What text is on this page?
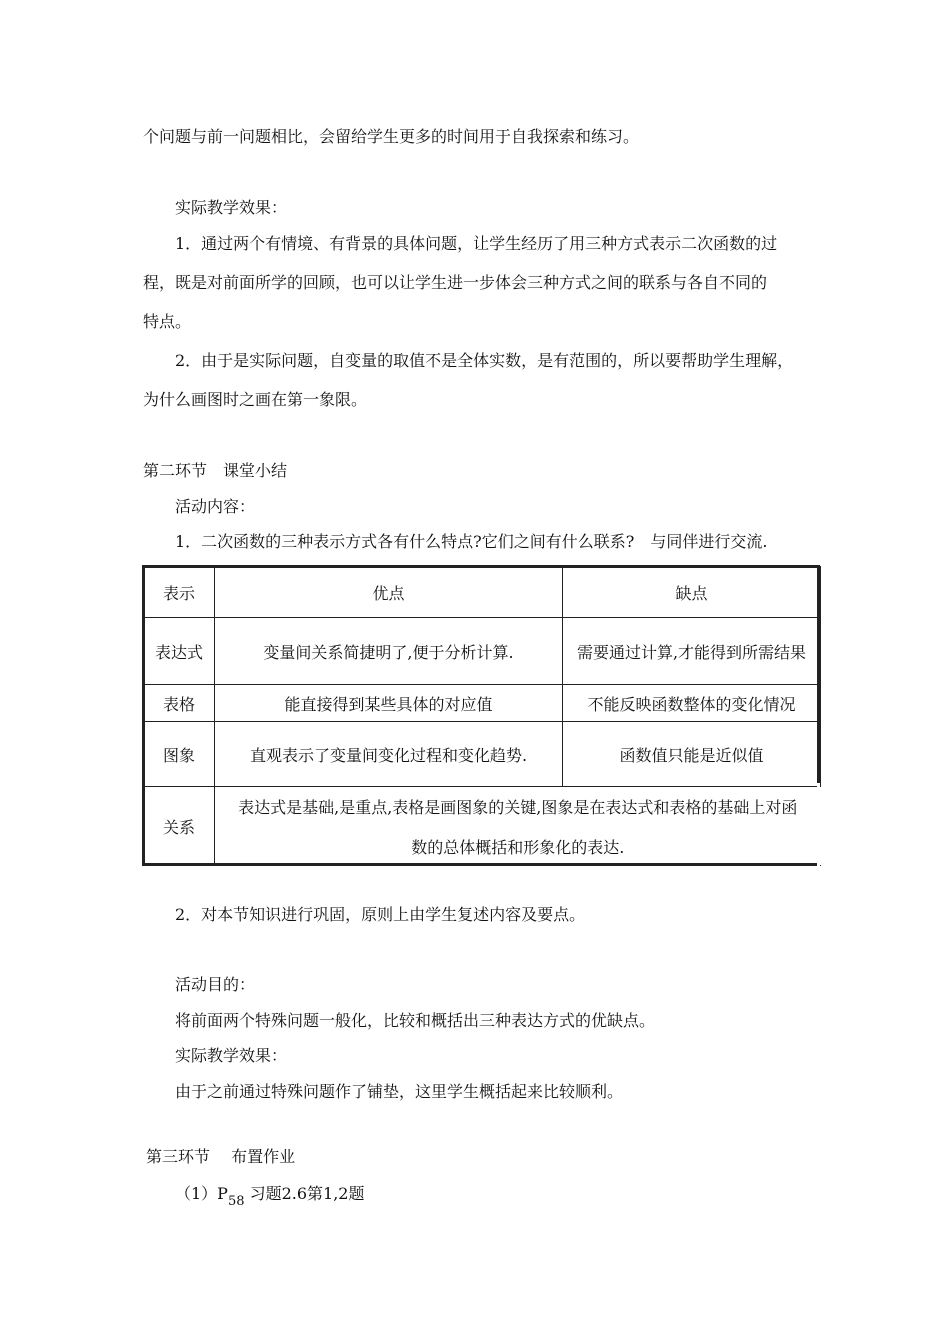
个问题与前一问题相比，会留给学生更多的时间用于自我探索和练习。
实际教学效果：
1．通过两个有情境、有背景的具体问题，让学生经历了用三种方式表示二次函数的过
程，既是对前面所学的回顾，也可以让学生进一步体会三种方式之间的联系与各自不同的
特点。
2．由于是实际问题，自变量的取值不是全体实数，是有范围的，所以要帮助学生理解，
为什么画图时之画在第一象限。
第二环节　课堂小结
活动内容：
1．二次函数的三种表示方式各有什么特点?它们之间有什么联系?　与同伴进行交流.
表示	优点	缺点
表达式	变量间关系简捷明了,便于分析计算.	需要通过计算,才能得到所需结果
表格	能直接得到某些具体的对应值	不能反映函数整体的变化情况
图象	直观表示了变量间变化过程和变化趋势.	函数值只能是近似值
关系	表达式是基础,是重点,表格是画图象的关键,图象是在表达式和表格的基础上对函
数的总体概括和形象化的表达.	
2．对本节知识进行巩固，原则上由学生复述内容及要点。
活动目的：
将前面两个特殊问题一般化，比较和概括出三种表达方式的优缺点。
实际教学效果：
由于之前通过特殊问题作了铺垫，这里学生概括起来比较顺利。
第三环节　 布置作业
$(1)P_{58}$ 习题2.6第1,2题
